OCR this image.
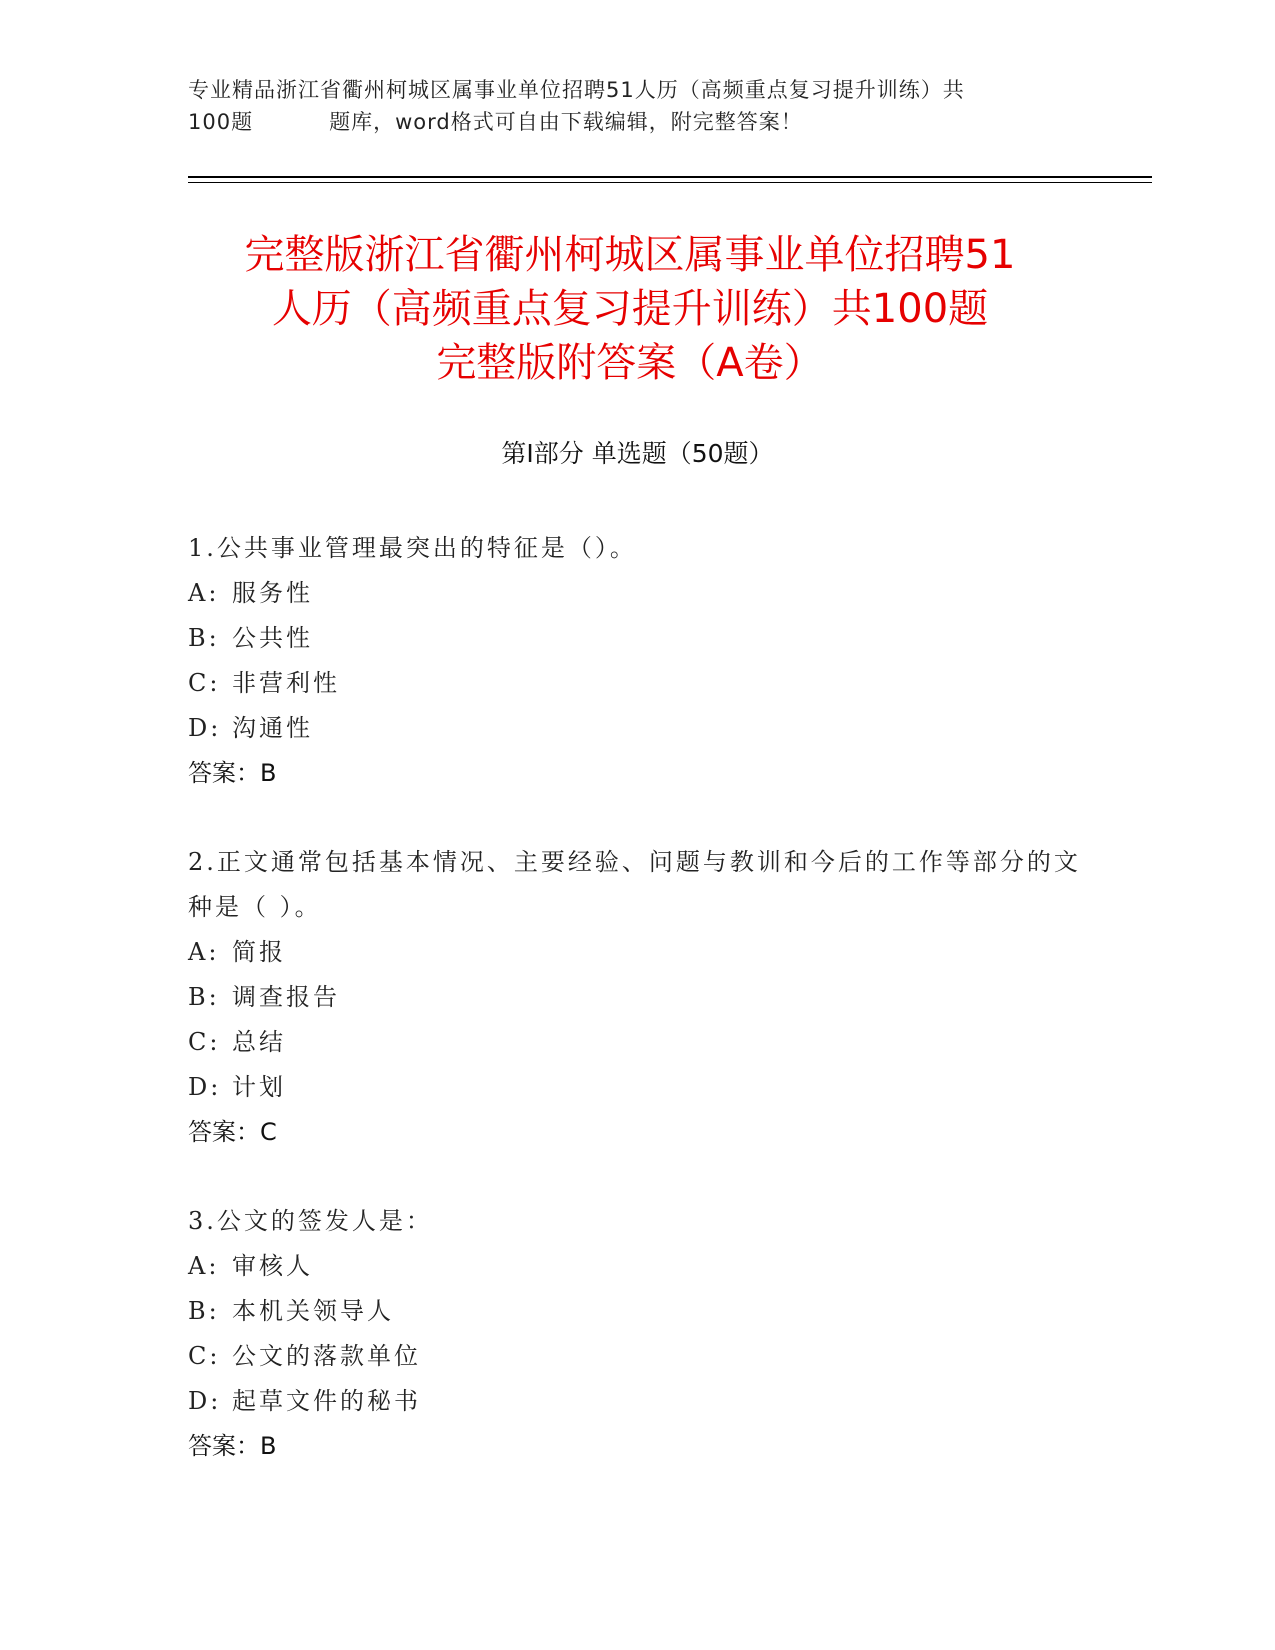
专业精品浙江省衢州柯城区属事业单位招聘51人历（高频重点复习提升训练）共
100题	题库，word格式可自由下载编辑，附完整答案！
完整版浙江省衢州柯城区属事业单位招聘51
人历（高频重点复习提升训练）共100题
完整版附答案（A卷）
第Ⅰ部分 单选题（50题）
1.公共事业管理最突出的特征是（）。
A: 服务性
B: 公共性
C: 非营利性
D: 沟通性
答案：B
2.正文通常包括基本情况、主要经验、问题与教训和今后的工作等部分的文种是（ ）。
A: 简报
B: 调查报告
C: 总结
D: 计划
答案：C
3.公文的签发人是：
A: 审核人
B: 本机关领导人
C: 公文的落款单位
D: 起草文件的秘书
答案：B
